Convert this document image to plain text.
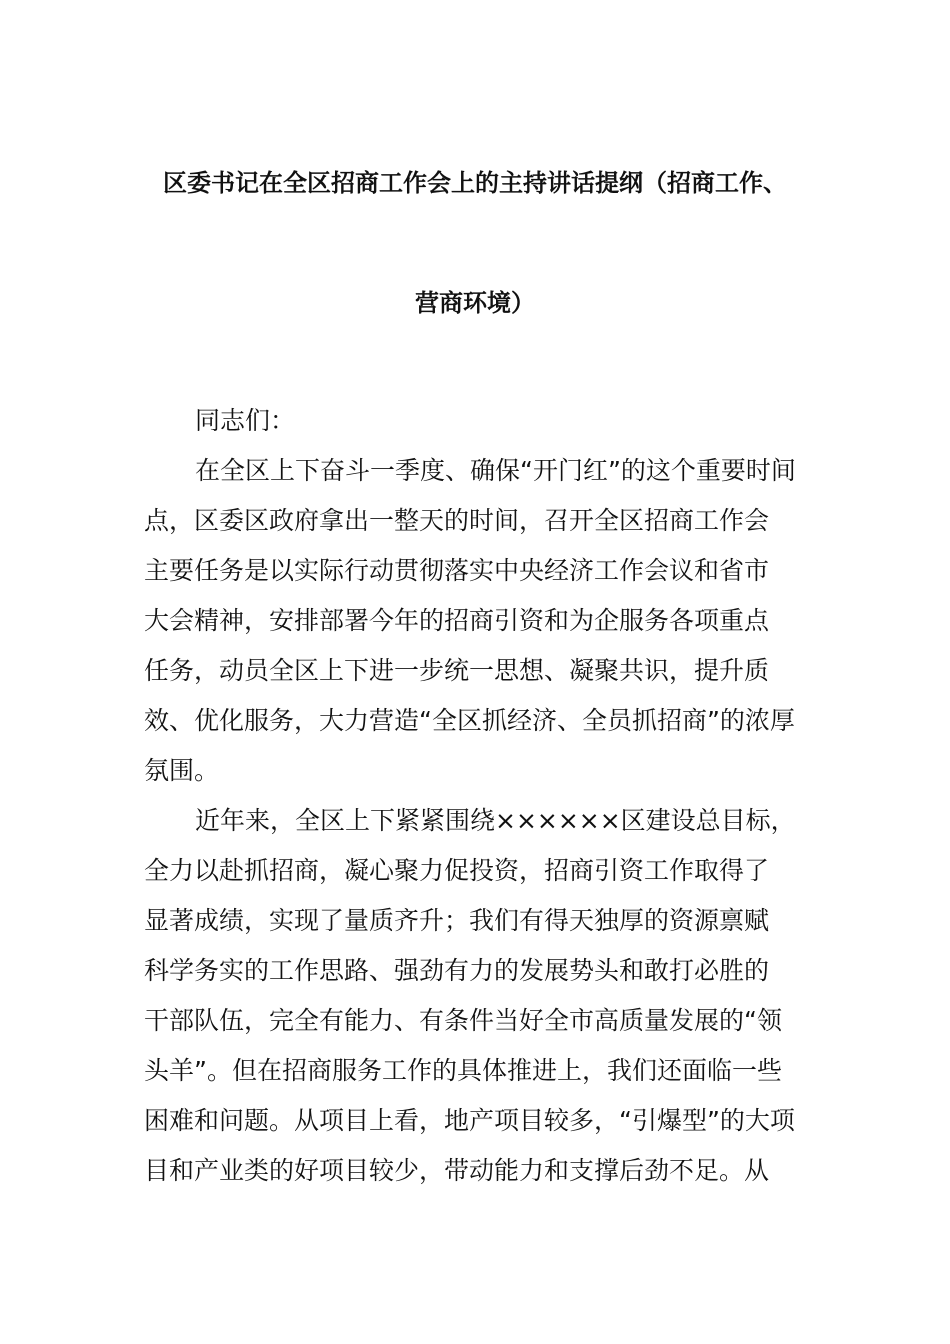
区委书记在全区招商工作会上的主持讲话提纲（招商工作、
营商环境）
同志们：
在全区上下奋斗一季度、确保“开门红”的这个重要时间
点，区委区政府拿出一整天的时间，召开全区招商工作会
主要任务是以实际行动贯彻落实中央经济工作会议和省市
大会精神，安排部署今年的招商引资和为企服务各项重点
任务，动员全区上下进一步统一思想、凝聚共识，提升质
效、优化服务，大力营造“全区抓经济、全员抓招商”的浓厚
氛围。
近年来，全区上下紧紧围绕××××××区建设总目标，
全力以赴抓招商，凝心聚力促投资，招商引资工作取得了
显著成绩，实现了量质齐升；我们有得天独厚的资源禀赋
科学务实的工作思路、强劲有力的发展势头和敢打必胜的
干部队伍，完全有能力、有条件当好全市高质量发展的“领
头羊”。但在招商服务工作的具体推进上，我们还面临一些
困难和问题。从项目上看，地产项目较多，“引爆型”的大项
目和产业类的好项目较少，带动能力和支撑后劲不足。从
